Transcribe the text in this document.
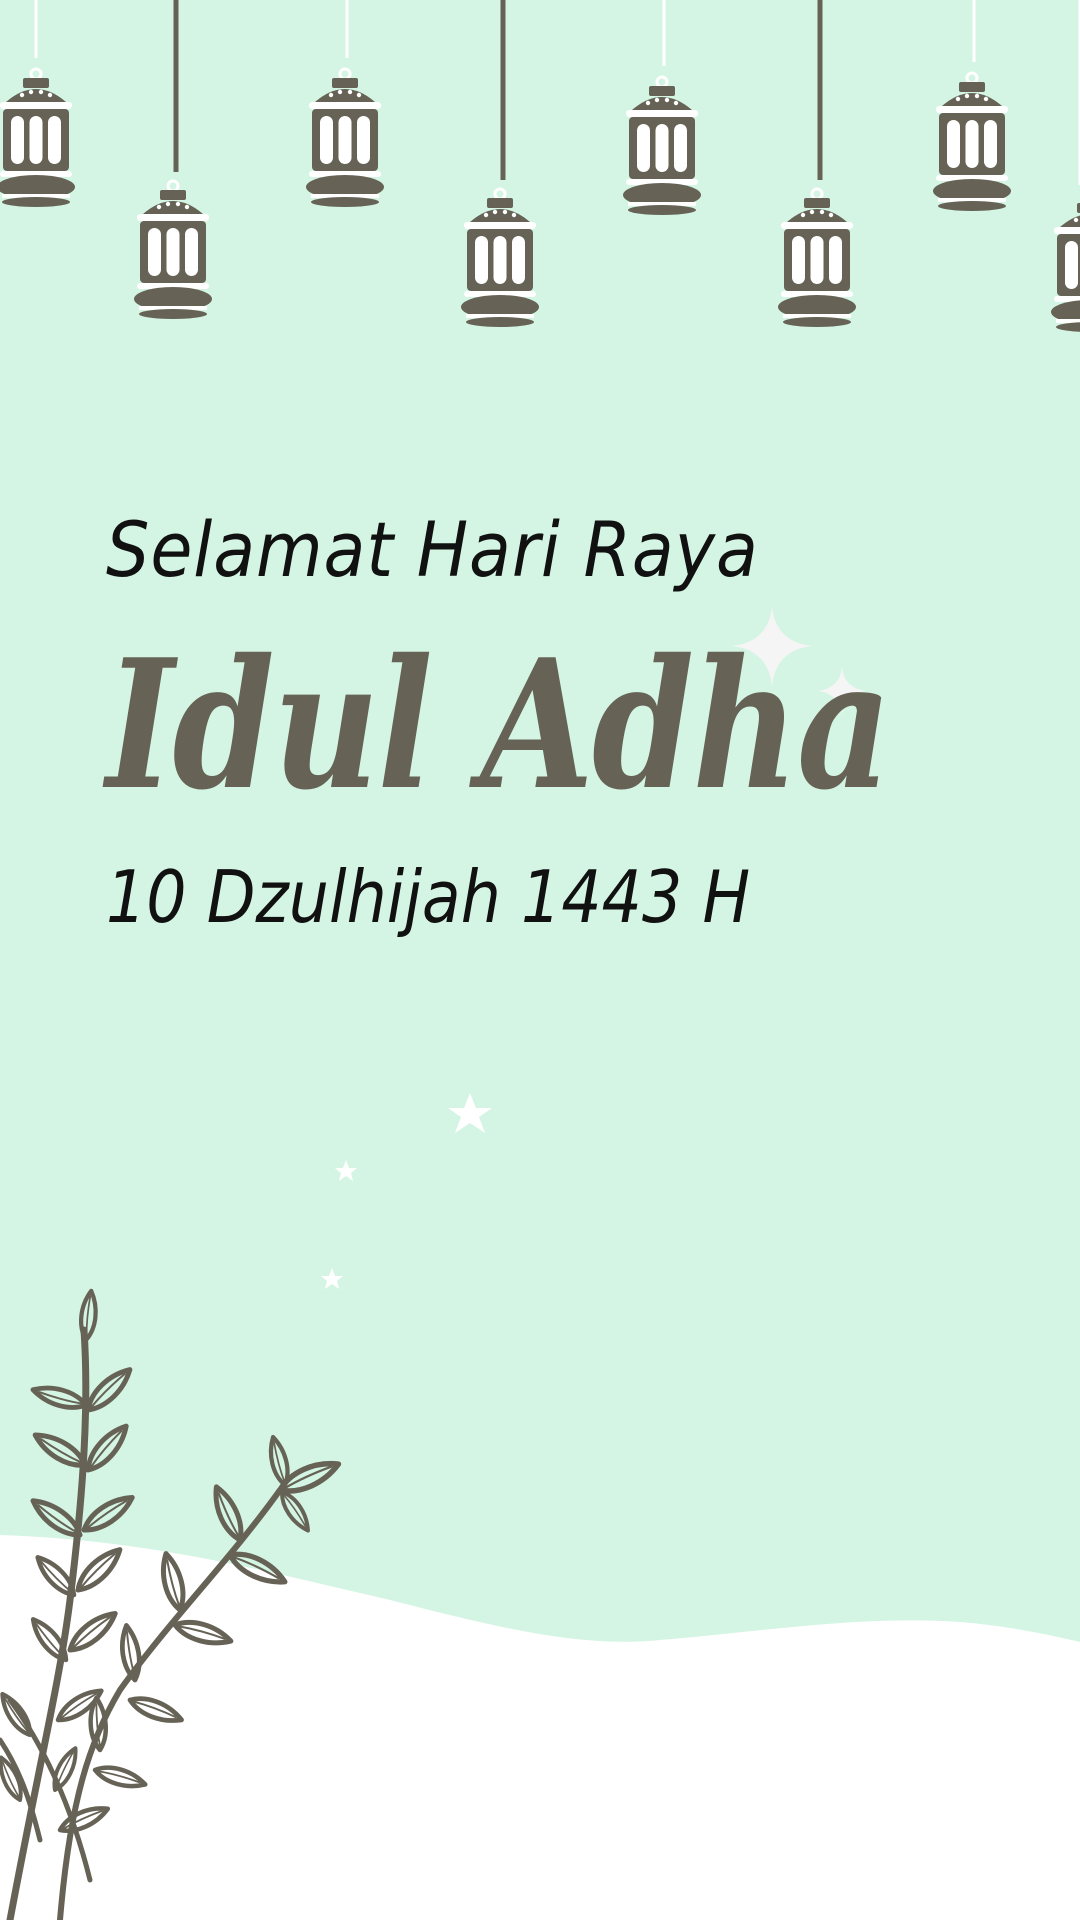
Selamat Hari Raya

Idul Adha

10 Dzulhijah 1443 H
